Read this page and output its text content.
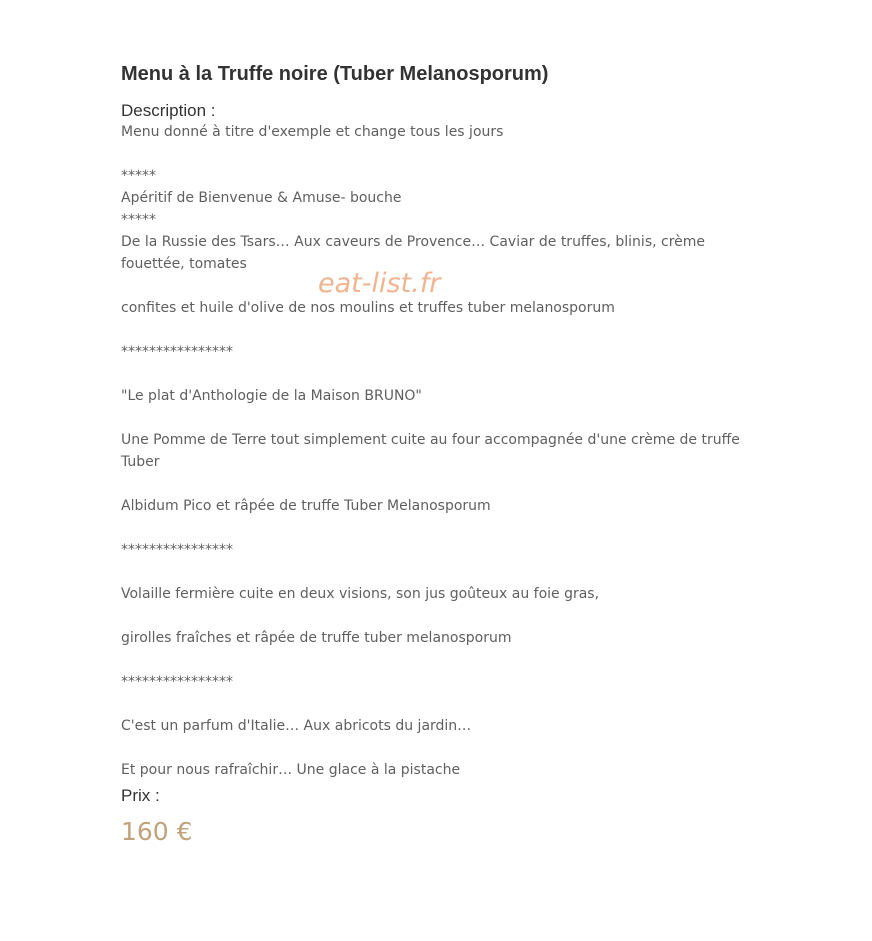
Menu à la Truffe noire (Tuber Melanosporum)
Description :

Menu donné à titre d'exemple et change tous les jours

*****

Apéritif de Bienvenue & Amuse- bouche

*****

De la Russie des Tsars… Aux caveurs de Provence… Caviar de truffes, blinis, crème fouettée, tomates

confites et huile d'olive de nos moulins et truffes tuber melanosporum

****************

"Le plat d'Anthologie de la Maison BRUNO"

Une Pomme de Terre tout simplement cuite au four accompagnée d'une crème de truffe Tuber

Albidum Pico et râpée de truffe Tuber Melanosporum

****************

Volaille fermière cuite en deux visions, son jus goûteux au foie gras,

girolles fraîches et râpée de truffe tuber melanosporum

****************

C'est un parfum d'Italie… Aux abricots du jardin…

Et pour nous rafraîchir… Une glace à la pistache

Prix :
160 €
eat-list.fr
